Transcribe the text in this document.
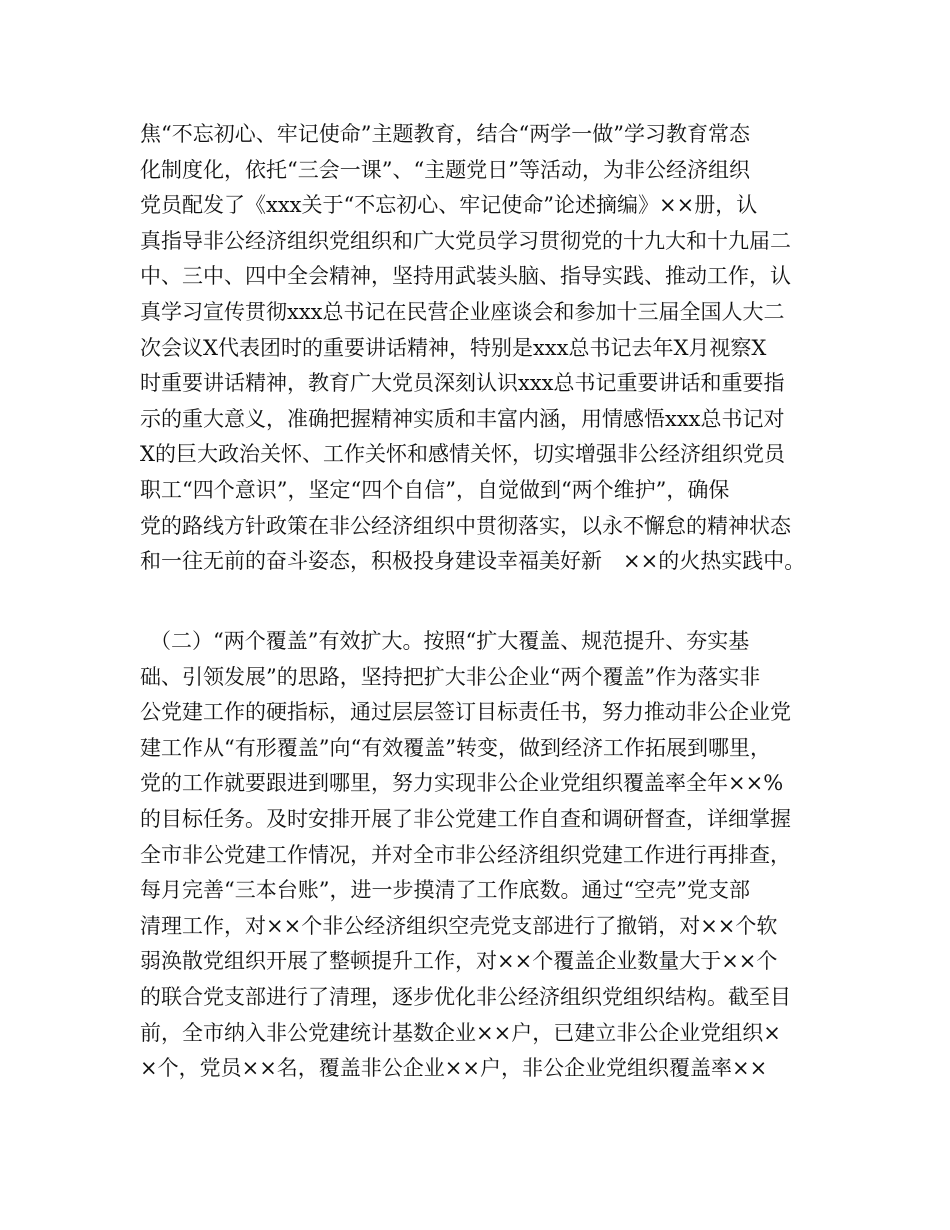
焦“不忘初心、牢记使命”主题教育，结合“两学一做”学习教育常态
化制度化，依托“三会一课”、“主题党日”等活动，为非公经济组织
党员配发了《xxx关于“不忘初心、牢记使命”论述摘编》××册，认
真指导非公经济组织党组织和广大党员学习贯彻党的十九大和十九届二
中、三中、四中全会精神，坚持用武装头脑、指导实践、推动工作，认
真学习宣传贯彻xxx总书记在民营企业座谈会和参加十三届全国人大二
次会议X代表团时的重要讲话精神，特别是xxx总书记去年X月视察X
时重要讲话精神，教育广大党员深刻认识xxx总书记重要讲话和重要指
示的重大意义，准确把握精神实质和丰富内涵，用情感悟xxx总书记对
X的巨大政治关怀、工作关怀和感情关怀，切实增强非公经济组织党员
职工“四个意识”，坚定“四个自信”，自觉做到“两个维护”，确保
党的路线方针政策在非公经济组织中贯彻落实，以永不懈怠的精神状态
和一往无前的奋斗姿态，积极投身建设幸福美好新　××的火热实践中。
（二）“两个覆盖”有效扩大。按照“扩大覆盖、规范提升、夯实基
础、引领发展”的思路，坚持把扩大非公企业“两个覆盖”作为落实非
公党建工作的硬指标，通过层层签订目标责任书，努力推动非公企业党
建工作从“有形覆盖”向“有效覆盖”转变，做到经济工作拓展到哪里，
党的工作就要跟进到哪里，努力实现非公企业党组织覆盖率全年××%
的目标任务。及时安排开展了非公党建工作自查和调研督查，详细掌握
全市非公党建工作情况，并对全市非公经济组织党建工作进行再排查，
每月完善“三本台账”，进一步摸清了工作底数。通过“空壳”党支部
清理工作，对××个非公经济组织空壳党支部进行了撤销，对××个软
弱涣散党组织开展了整顿提升工作，对××个覆盖企业数量大于××个
的联合党支部进行了清理，逐步优化非公经济组织党组织结构。截至目
前，全市纳入非公党建统计基数企业××户，已建立非公企业党组织×
×个，党员××名，覆盖非公企业××户，非公企业党组织覆盖率××
